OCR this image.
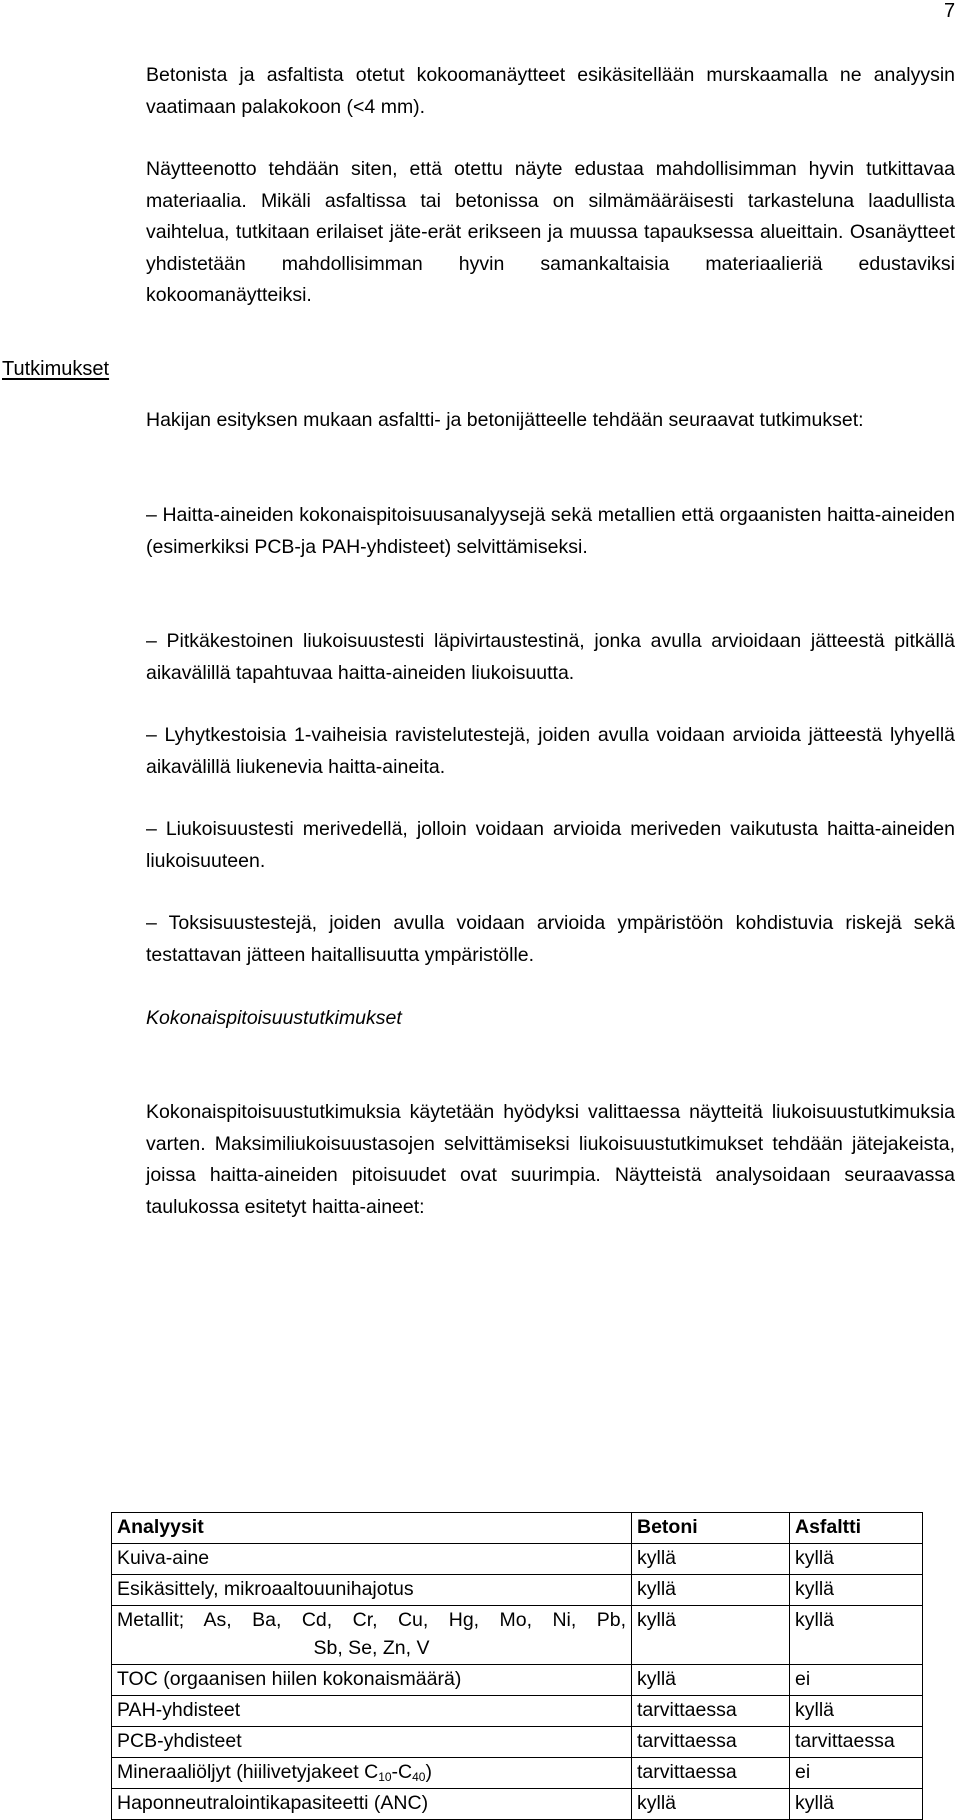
7

Betonista ja asfaltista otetut kokoomanäytteet esikäsitellään murskaamalla ne analyysin vaatimaan palakokoon (<4 mm).

Näytteenotto tehdään siten, että otettu näyte edustaa mahdollisimman hyvin tutkittavaa materiaalia. Mikäli asfaltissa tai betonissa on silmämääräisesti tarkasteluna laadullista vaihtelua, tutkitaan erilaiset jäte-erät erikseen ja muussa tapauksessa alueittain. Osanäytteet yhdistetään mahdollisimman hyvin samankaltaisia materiaalieriä edustaviksi kokoomanäytteiksi.

Tutkimukset

Hakijan esityksen mukaan asfaltti- ja betonijätteelle tehdään seuraavat tutkimukset:

– Haitta-aineiden kokonaispitoisuusanalyysejä sekä metallien että orgaanisten haitta-aineiden (esimerkiksi PCB-ja PAH-yhdisteet) selvittämiseksi.

– Pitkäkestoinen liukoisuustesti läpivirtaustestinä, jonka avulla arvioidaan jätteestä pitkällä aikavälillä tapahtuvaa haitta-aineiden liukoisuutta.

– Lyhytkestoisia 1-vaiheisia ravistelutestejä, joiden avulla voidaan arvioida jätteestä lyhyellä aikavälillä liukenevia haitta-aineita.

– Liukoisuustesti merivedellä, jolloin voidaan arvioida meriveden vaikutusta haitta-aineiden liukoisuuteen.

– Toksisuustestejä, joiden avulla voidaan arvioida ympäristöön kohdistuvia riskejä sekä testattavan jätteen haitallisuutta ympäristölle.

Kokonaispitoisuustutkimukset

Kokonaispitoisuustutkimuksia käytetään hyödyksi valittaessa näytteitä liukoisuustutkimuksia varten. Maksimiliukoisuustasojen selvittämiseksi liukoisuustutkimukset tehdään jätejakeista, joissa haitta-aineiden pitoisuudet ovat suurimpia. Näytteistä analysoidaan seuraavassa taulukossa esitetyt haitta-aineet:

Analyysit	Betoni	Asfaltti
Kuiva-aine	kyllä	kyllä
Esikäsittely, mikroaaltouunihajotus	kyllä	kyllä

Metallit; As, Ba, Cd, Cr, Cu, Hg, Mo, Ni, Pb,
Sb, Se, Zn, V	kyllä	kyllä
TOC (orgaanisen hiilen kokonaismäärä)	kyllä	ei
PAH-yhdisteet	tarvittaessa	kyllä
PCB-yhdisteet	tarvittaessa	tarvittaessa
Mineraaliöljyt (hiilivetyjakeet $C_{10}-C_{40}$)	tarvittaessa	ei
Haponneutralointikapasiteetti (ANC)	kyllä	kyllä
